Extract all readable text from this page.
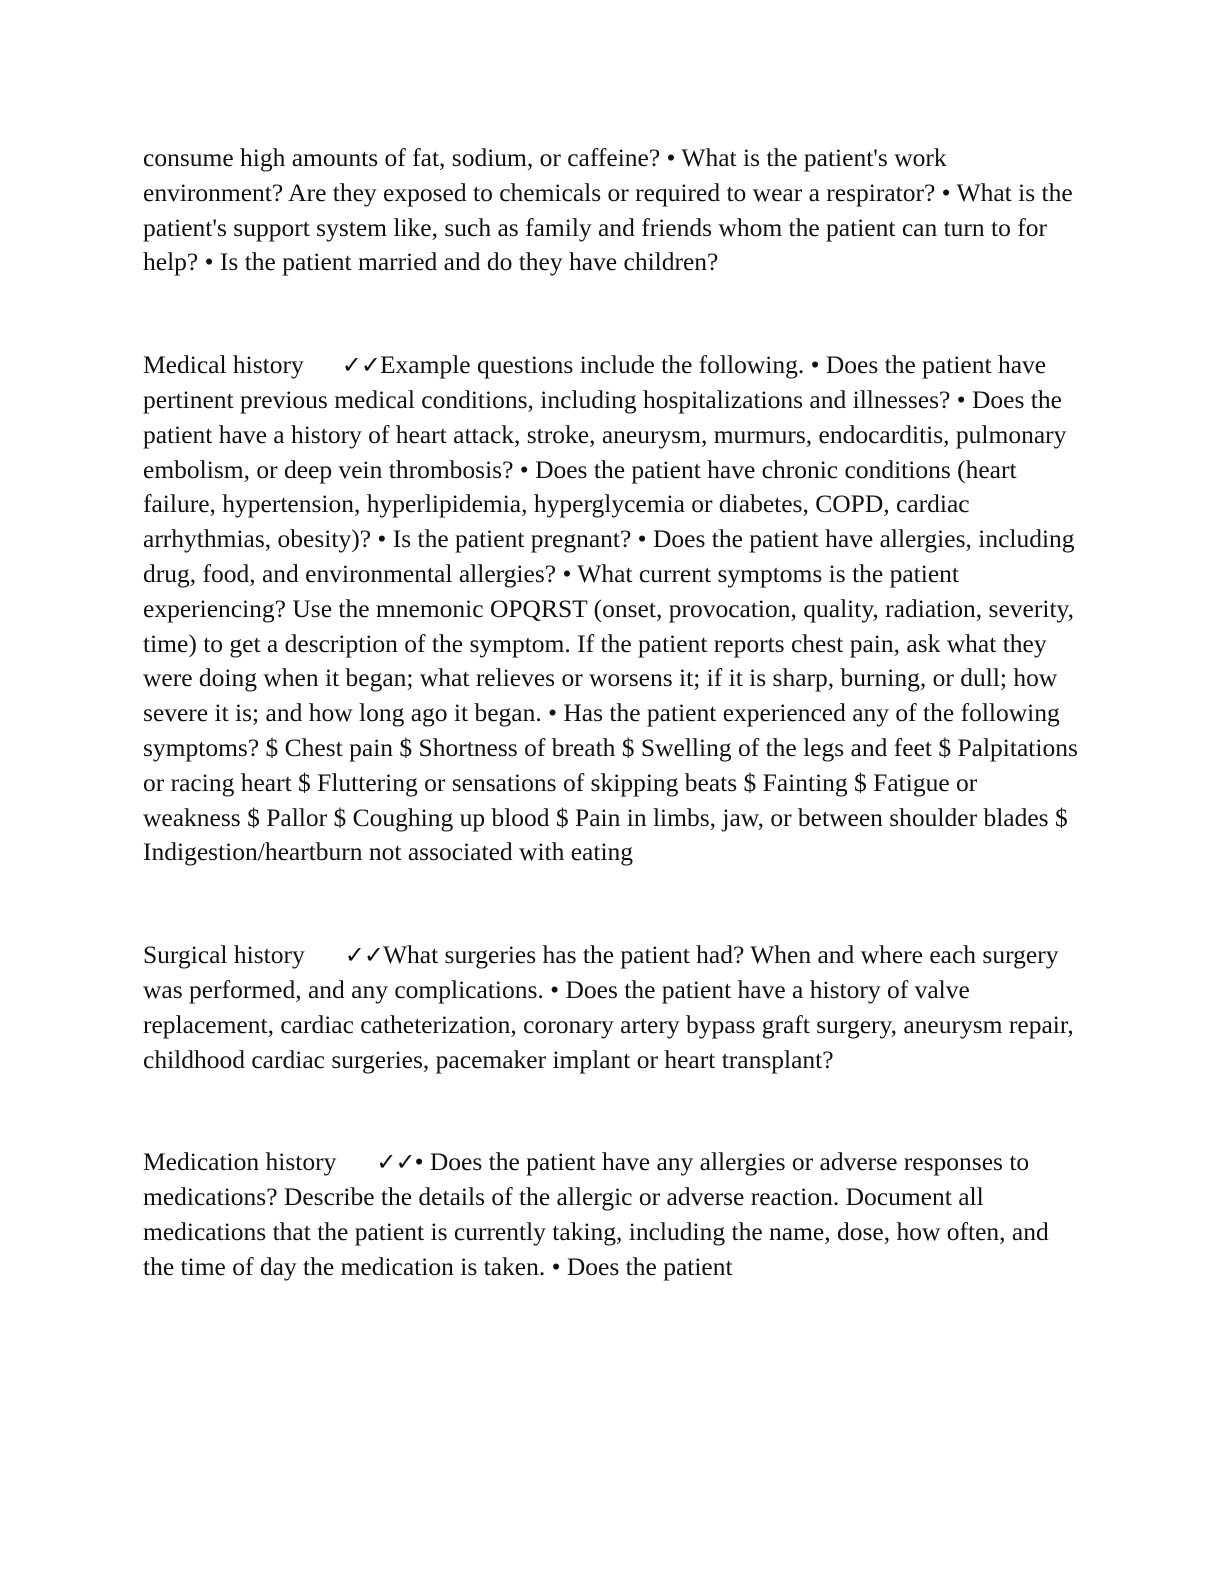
consume high amounts of fat, sodium, or caffeine? • What is the patient's work environment? Are they exposed to chemicals or required to wear a respirator? • What is the patient's support system like, such as family and friends whom the patient can turn to for help? • Is the patient married and do they have children?

Medical history ✓✓Example questions include the following. • Does the patient have pertinent previous medical conditions, including hospitalizations and illnesses? • Does the patient have a history of heart attack, stroke, aneurysm, murmurs, endocarditis, pulmonary embolism, or deep vein thrombosis? • Does the patient have chronic conditions (heart failure, hypertension, hyperlipidemia, hyperglycemia or diabetes, COPD, cardiac arrhythmias, obesity)? • Is the patient pregnant? • Does the patient have allergies, including drug, food, and environmental allergies? • What current symptoms is the patient experiencing? Use the mnemonic OPQRST (onset, provocation, quality, radiation, severity, time) to get a description of the symptom. If the patient reports chest pain, ask what they were doing when it began; what relieves or worsens it; if it is sharp, burning, or dull; how severe it is; and how long ago it began. • Has the patient experienced any of the following symptoms? $ Chest pain $ Shortness of breath $ Swelling of the legs and feet $ Palpitations or racing heart $ Fluttering or sensations of skipping beats $ Fainting $ Fatigue or weakness $ Pallor $ Coughing up blood $ Pain in limbs, jaw, or between shoulder blades $ Indigestion/heartburn not associated with eating

Surgical history ✓✓What surgeries has the patient had? When and where each surgery was performed, and any complications. • Does the patient have a history of valve replacement, cardiac catheterization, coronary artery bypass graft surgery, aneurysm repair, childhood cardiac surgeries, pacemaker implant or heart transplant?

Medication history ✓✓• Does the patient have any allergies or adverse responses to medications? Describe the details of the allergic or adverse reaction. Document all medications that the patient is currently taking, including the name, dose, how often, and the time of day the medication is taken. • Does the patient
